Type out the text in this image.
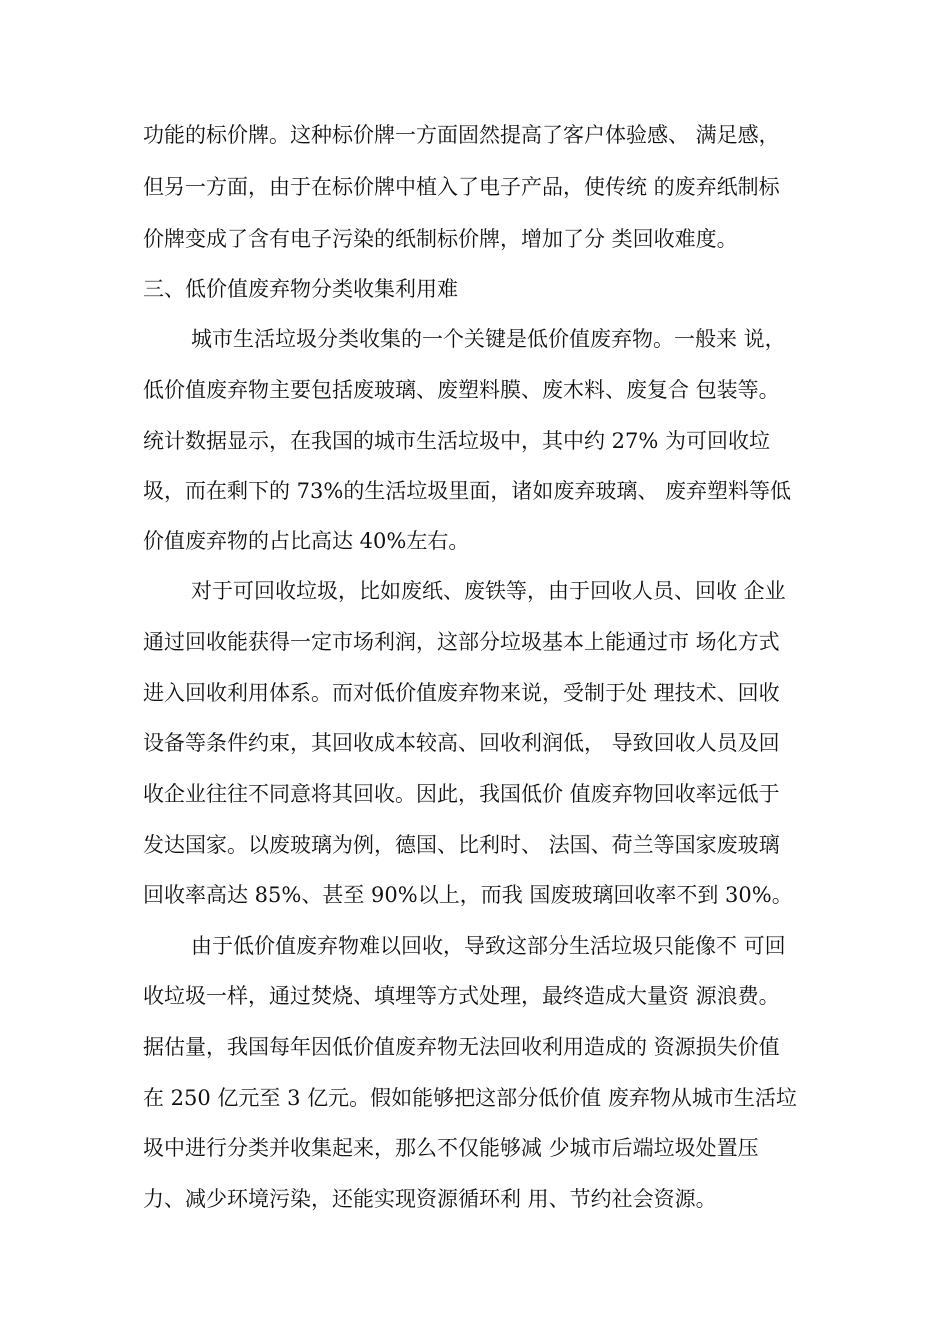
功能的标价牌。这种标价牌一方面固然提高了客户体验感、 满足感，
但另一方面，由于在标价牌中植入了电子产品，使传统 的废弃纸制标
价牌变成了含有电子污染的纸制标价牌，增加了分 类回收难度。
三、低价值废弃物分类收集利用难
城市生活垃圾分类收集的一个关键是低价值废弃物。一般来 说，
低价值废弃物主要包括废玻璃、废塑料膜、废木料、废复合 包装等。
统计数据显示，在我国的城市生活垃圾中，其中约 27% 为可回收垃
圾，而在剩下的 73%的生活垃圾里面，诸如废弃玻璃、 废弃塑料等低
价值废弃物的占比高达 40%左右。
对于可回收垃圾，比如废纸、废铁等，由于回收人员、回收 企业
通过回收能获得一定市场利润，这部分垃圾基本上能通过市 场化方式
进入回收利用体系。而对低价值废弃物来说，受制于处 理技术、回收
设备等条件约束，其回收成本较高、回收利润低， 导致回收人员及回
收企业往往不同意将其回收。因此，我国低价 值废弃物回收率远低于
发达国家。以废玻璃为例，德国、比利时、 法国、荷兰等国家废玻璃
回收率高达 85%、甚至 90%以上，而我 国废玻璃回收率不到 30%。
由于低价值废弃物难以回收，导致这部分生活垃圾只能像不 可回
收垃圾一样，通过焚烧、填埋等方式处理，最终造成大量资 源浪费。
据估量，我国每年因低价值废弃物无法回收利用造成的 资源损失价值
在 250 亿元至 3 亿元。假如能够把这部分低价值 废弃物从城市生活垃
圾中进行分类并收集起来，那么不仅能够减 少城市后端垃圾处置压
力、减少环境污染，还能实现资源循环利 用、节约社会资源。
